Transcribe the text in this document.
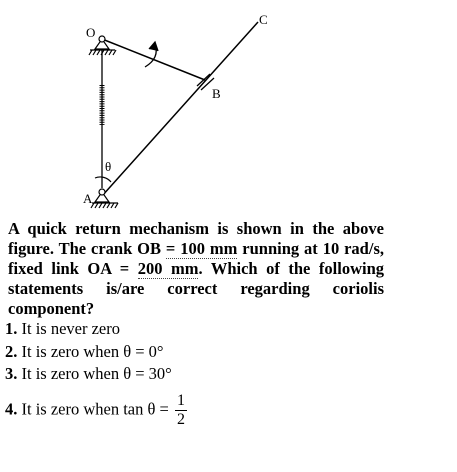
O
C
B
A
θ

A quick return mechanism is shown in the above figure. The crank OB = 100 mm running at 10 rad/s, fixed link OA = 200 mm. Which of the following statements is/are correct regarding coriolis component?

1. It is never zero
2. It is zero when θ = 0°
3. It is zero when θ = 30°
4. It is zero when $\tan \theta = \frac{1}{2}$
